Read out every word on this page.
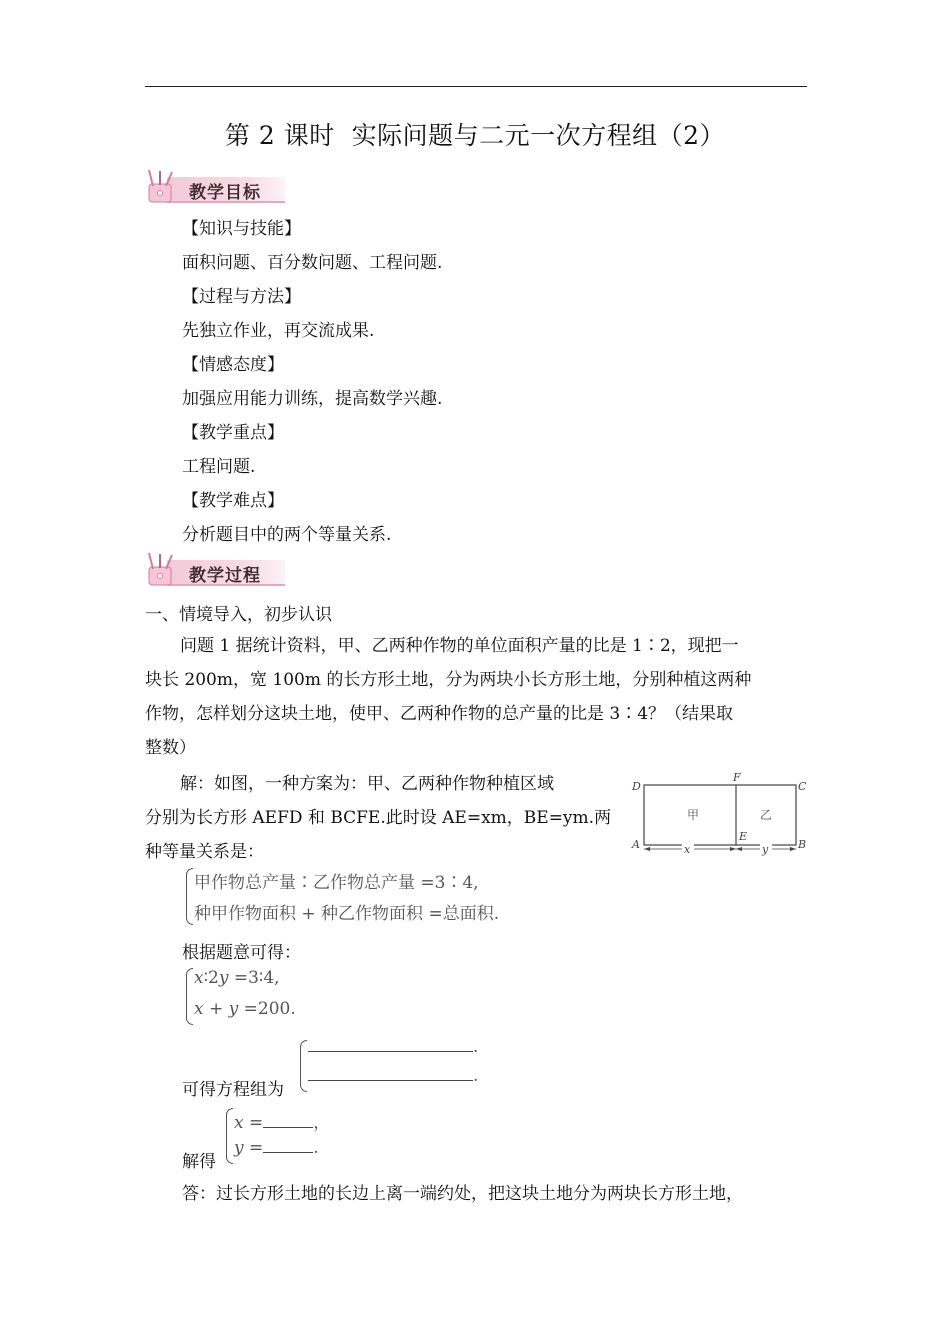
第 2 课时 实际问题与二元一次方程组（2）
教学目标
【知识与技能】
面积问题、百分数问题、工程问题.
【过程与方法】
先独立作业，再交流成果.
【情感态度】
加强应用能力训练，提高数学兴趣.
【教学重点】
工程问题.
【教学难点】
分析题目中的两个等量关系.
教学过程
一、情境导入，初步认识
问题 1 据统计资料，甲、乙两种作物的单位面积产量的比是 1∶2，现把一
块长 200m，宽 100m 的长方形土地，分为两块小长方形土地，分别种植这两种
作物，怎样划分这块土地，使甲、乙两种作物的总产量的比是 3∶4？（结果取
整数）
解：如图，一种方案为：甲、乙两种作物种植区域
分别为长方形 AEFD 和 BCFE.此时设 AE=xm，BE=ym.两
种等量关系是：
D
F
C
A
E
B
甲	乙
x	y
甲作物总产量∶乙作物总产量 =3∶4,
种甲作物面积 + 种乙作物面积 =总面积.
根据题意可得：
x∶2y =3∶4,
x + y =200.
可得方程组为
.
.
解得
x =	，
y =	.
答：过长方形土地的长边上离一端约处，把这块土地分为两块长方形土地，
